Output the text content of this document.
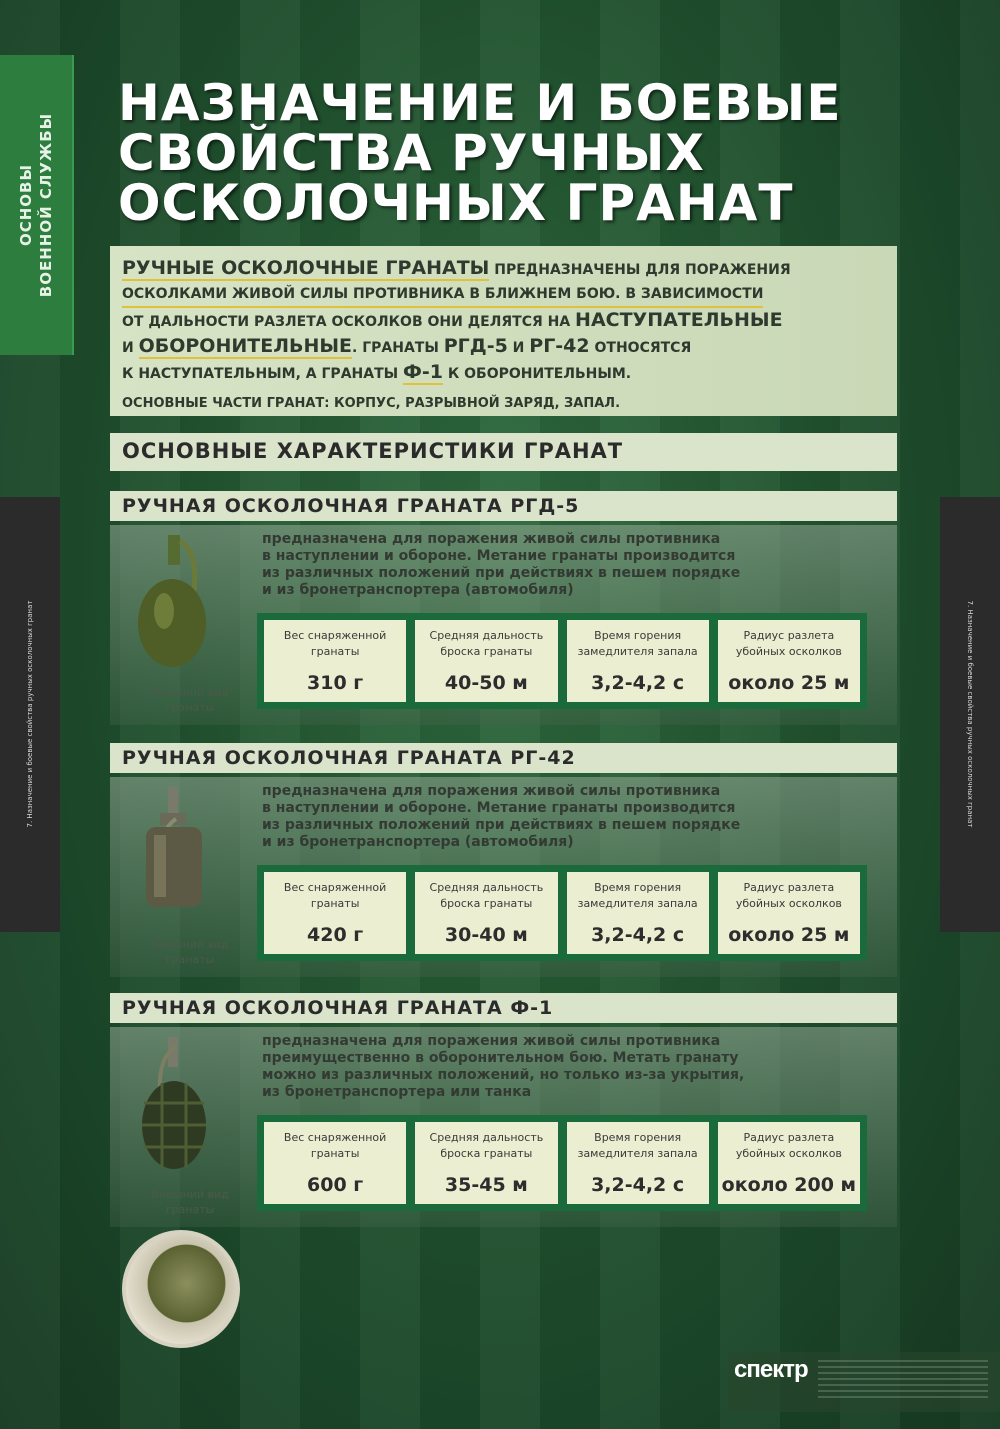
ОСНОВЫ ВОЕННОЙ СЛУЖБЫ
7. Назначение и боевые свойства ручных осколочных гранат	7. Назначение и боевые свойства ручных осколочных гранат
НАЗНАЧЕНИЕ И БОЕВЫЕ
СВОЙСТВА РУЧНЫХ
ОСКОЛОЧНЫХ ГРАНАТ
РУЧНЫЕ ОСКОЛОЧНЫЕ ГРАНАТЫ ПРЕДНАЗНАЧЕНЫ ДЛЯ ПОРАЖЕНИЯ
ОСКОЛКАМИ ЖИВОЙ СИЛЫ ПРОТИВНИКА В БЛИЖНЕМ БОЮ. В ЗАВИСИМОСТИ
ОТ ДАЛЬНОСТИ РАЗЛЕТА ОСКОЛКОВ ОНИ ДЕЛЯТСЯ НА НАСТУПАТЕЛЬНЫЕ
И ОБОРОНИТЕЛЬНЫЕ. ГРАНАТЫ РГД-5 И РГ-42 ОТНОСЯТСЯ
К НАСТУПАТЕЛЬНЫМ, А ГРАНАТЫ Ф-1 К ОБОРОНИТЕЛЬНЫМ.
ОСНОВНЫЕ ЧАСТИ ГРАНАТ: КОРПУС, РАЗРЫВНОЙ ЗАРЯД, ЗАПАЛ.
ОСНОВНЫЕ ХАРАКТЕРИСТИКИ ГРАНАТ
РУЧНАЯ ОСКОЛОЧНАЯ ГРАНАТА РГД-5
Внешний вид
гранаты
предназначена для поражения живой силы противника
в наступлении и обороне. Метание гранаты производится
из различных положений при действиях в пешем порядке
и из бронетранспортера (автомобиля)
Вес снаряженной
гранаты
310 г
Средняя дальность
броска гранаты
40-50 м
Время горения
замедлителя запала
3,2-4,2 с
Радиус разлета
убойных осколков
около 25 м
РУЧНАЯ ОСКОЛОЧНАЯ ГРАНАТА РГ-42
Внешний вид
гранаты
предназначена для поражения живой силы противника
в наступлении и обороне. Метание гранаты производится
из различных положений при действиях в пешем порядке
и из бронетранспортера (автомобиля)
Вес снаряженной
гранаты
420 г
Средняя дальность
броска гранаты
30-40 м
Время горения
замедлителя запала
3,2-4,2 с
Радиус разлета
убойных осколков
около 25 м
РУЧНАЯ ОСКОЛОЧНАЯ ГРАНАТА Ф-1
Внешний вид
гранаты
предназначена для поражения живой силы противника
преимущественно в оборонительном бою. Метать гранату
можно из различных положений, но только из-за укрытия,
из бронетранспортера или танка
Вес снаряженной
гранаты
600 г
Средняя дальность
броска гранаты
35-45 м
Время горения
замедлителя запала
3,2-4,2 с
Радиус разлета
убойных осколков
около 200 м
спектр
